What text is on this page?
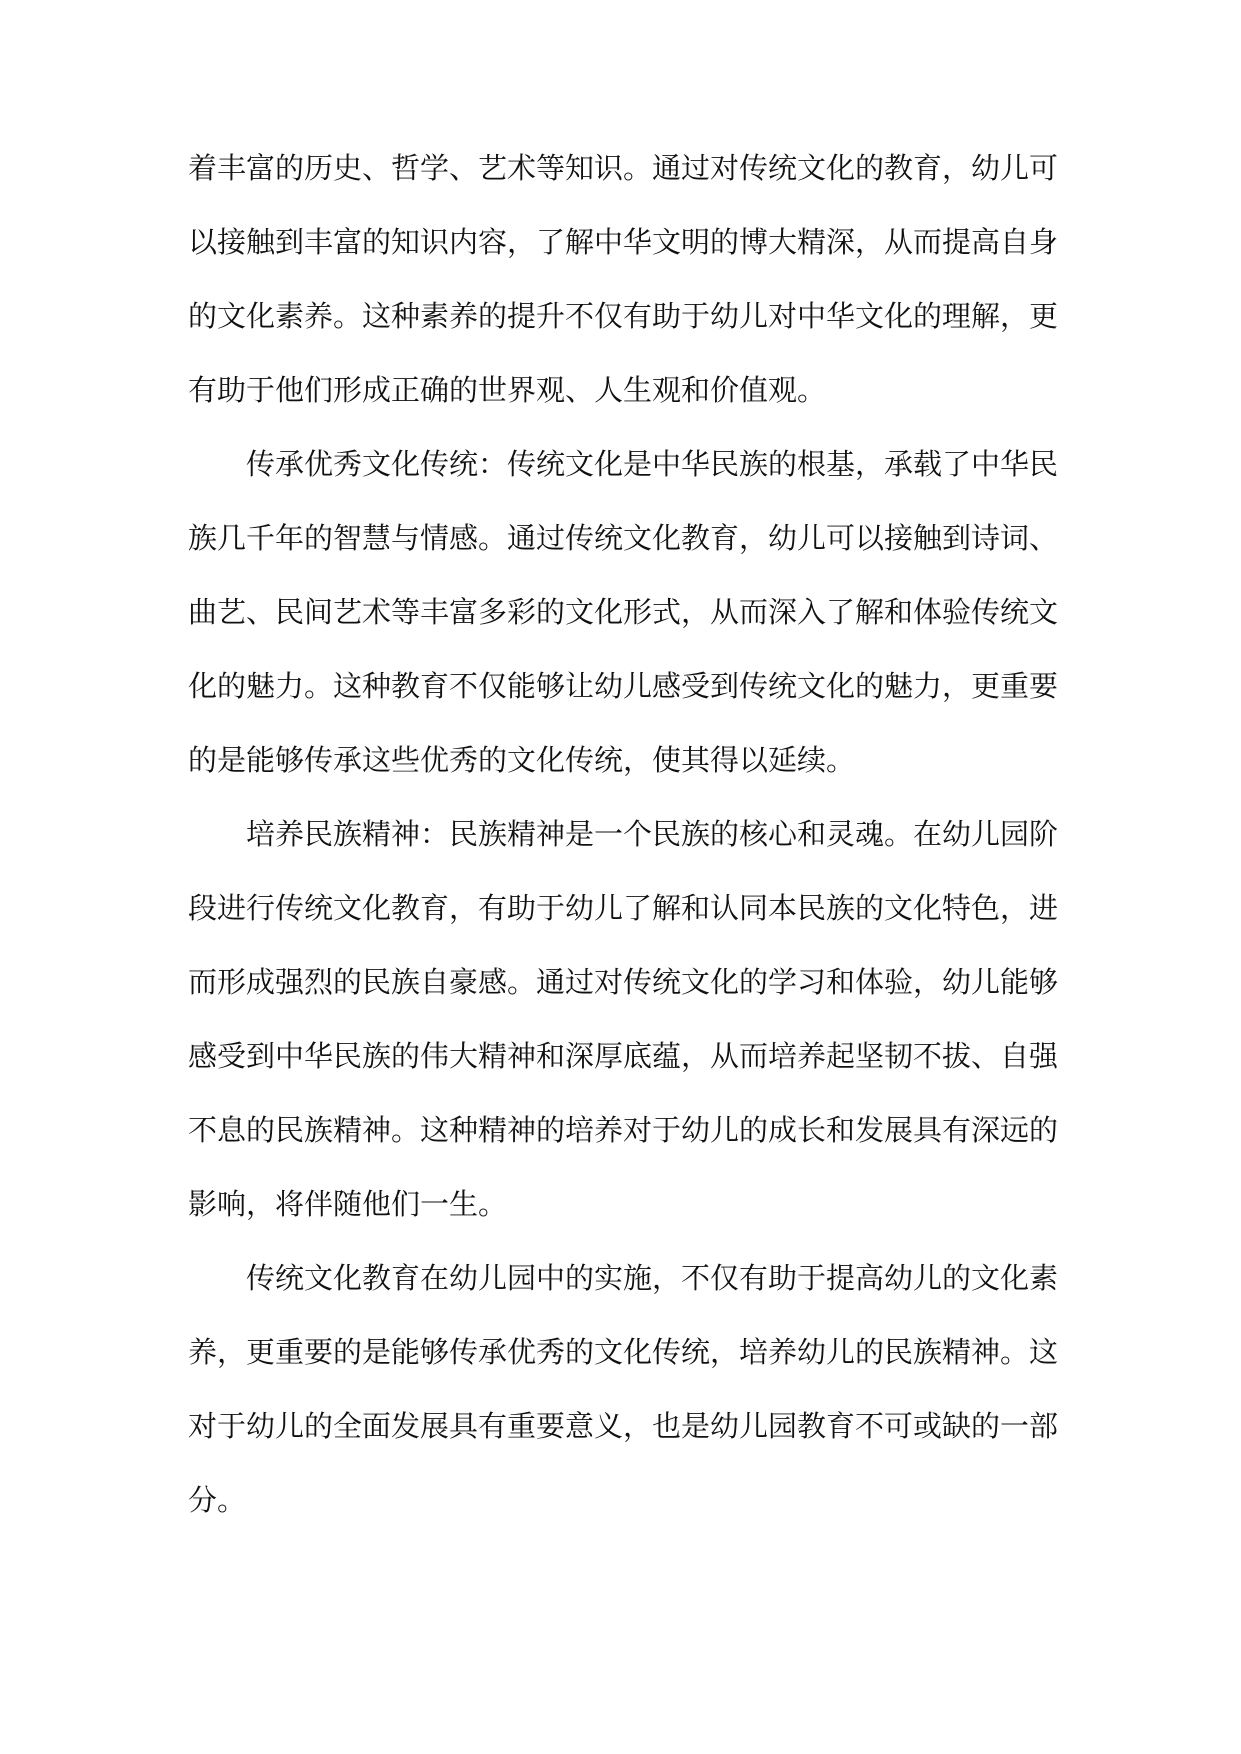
着丰富的历史、哲学、艺术等知识。通过对传统文化的教育，幼儿可
以接触到丰富的知识内容，了解中华文明的博大精深，从而提高自身
的文化素养。这种素养的提升不仅有助于幼儿对中华文化的理解，更
有助于他们形成正确的世界观、人生观和价值观。
传承优秀文化传统：传统文化是中华民族的根基，承载了中华民
族几千年的智慧与情感。通过传统文化教育，幼儿可以接触到诗词、
曲艺、民间艺术等丰富多彩的文化形式，从而深入了解和体验传统文
化的魅力。这种教育不仅能够让幼儿感受到传统文化的魅力，更重要
的是能够传承这些优秀的文化传统，使其得以延续。
培养民族精神：民族精神是一个民族的核心和灵魂。在幼儿园阶
段进行传统文化教育，有助于幼儿了解和认同本民族的文化特色，进
而形成强烈的民族自豪感。通过对传统文化的学习和体验，幼儿能够
感受到中华民族的伟大精神和深厚底蕴，从而培养起坚韧不拔、自强
不息的民族精神。这种精神的培养对于幼儿的成长和发展具有深远的
影响，将伴随他们一生。
传统文化教育在幼儿园中的实施，不仅有助于提高幼儿的文化素
养，更重要的是能够传承优秀的文化传统，培养幼儿的民族精神。这
对于幼儿的全面发展具有重要意义，也是幼儿园教育不可或缺的一部
分。
